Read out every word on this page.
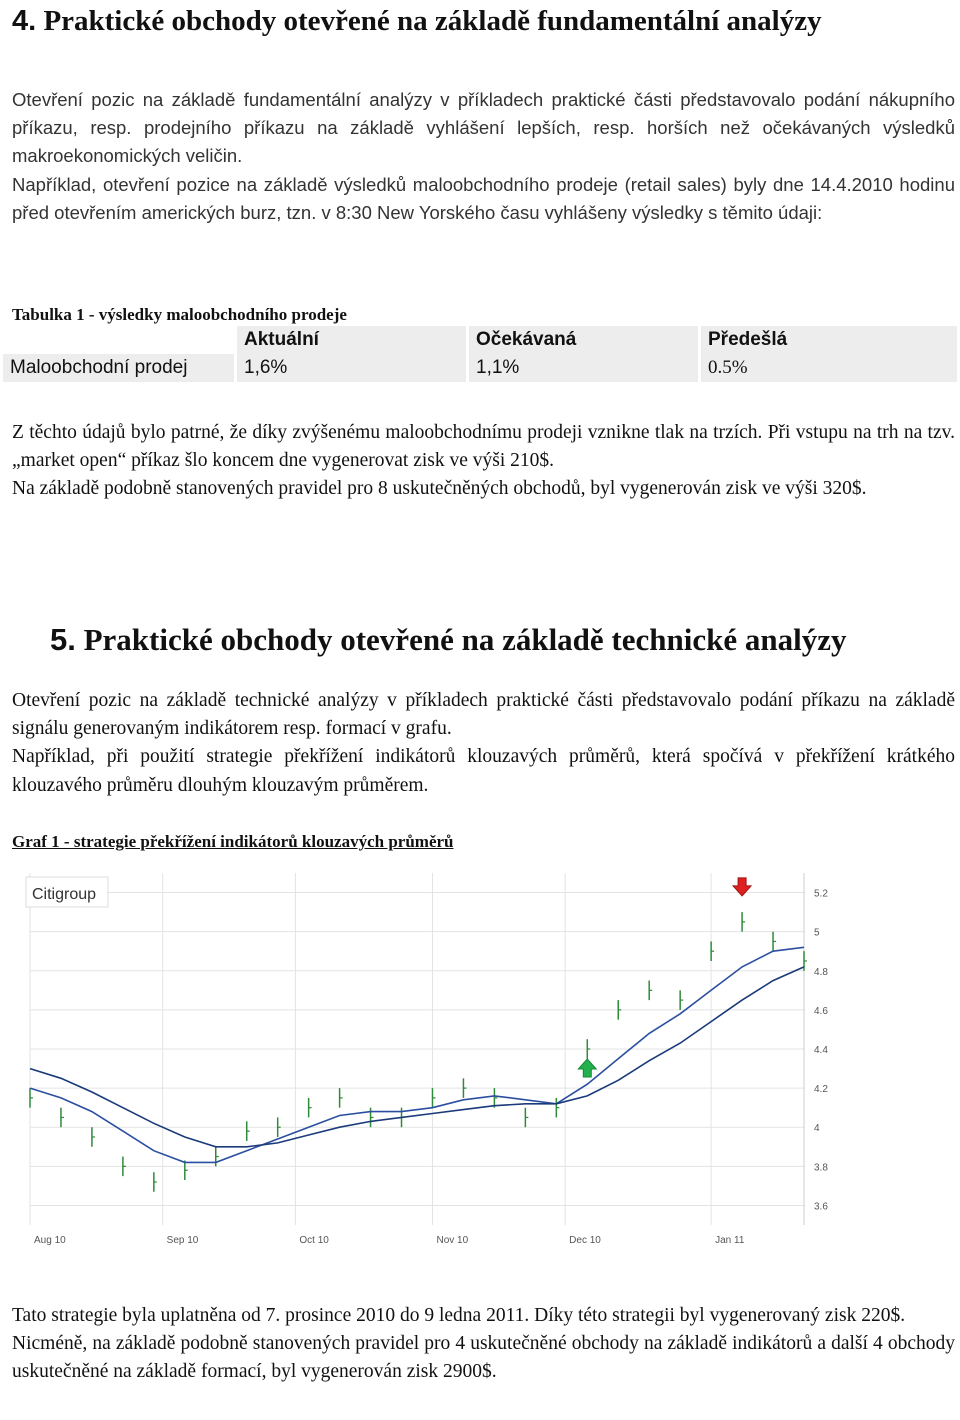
4. Praktické obchody otevřené na základě fundamentální analýzy

Otevření pozic na základě fundamentální analýzy v příkladech praktické části představovalo podání nákupního příkazu, resp. prodejního příkazu na základě vyhlášení lepších, resp. horších než očekávaných výsledků makroekonomických veličin.

Například, otevření pozice na základě výsledků maloobchodního prodeje (retail sales) byly dne 14.4.2010 hodinu před otevřením amerických burz, tzn. v 8:30 New Yorského času vyhlášeny výsledky s těmito údaji:

Tabulka 1 - výsledky maloobchodního prodeje
	Aktuální	Očekávaná	Předešlá
Maloobchodní prodej	1,6%	1,1%	0.5%

Z těchto údajů bylo patrné, že díky zvýšenému maloobchodnímu prodeji vznikne tlak na trzích. Při vstupu na trh na tzv. „market open“ příkaz šlo koncem dne vygenerovat zisk ve výši 210$.

Na základě podobně stanovených pravidel pro 8 uskutečněných obchodů, byl vygenerován zisk ve výši 320$.

5. Praktické obchody otevřené na základě technické analýzy

Otevření pozic na základě technické analýzy v příkladech praktické části představovalo podání příkazu na základě signálu generovaným indikátorem resp. formací v grafu.

Například, při použití strategie překřížení indikátorů klouzavých průměrů, která spočívá v překřížení krátkého klouzavého průměru dlouhým klouzavým průměrem.

Graf 1 - strategie překřížení indikátorů klouzavých průměrů
3.6
3.8
4
4.2
4.4
4.6
4.8
5
5.2
Aug 10	Sep 10	Oct 10	Nov 10	Dec 10	Jan 11
Citigroup

Tato strategie byla uplatněna od 7. prosince 2010 do 9 ledna 2011. Díky této strategii byl vygenerovaný zisk 220$.

Nicméně, na základě podobně stanovených pravidel pro 4 uskutečněné obchody na základě indikátorů a další 4 obchody uskutečněné na základě formací, byl vygenerován zisk 2900$.
